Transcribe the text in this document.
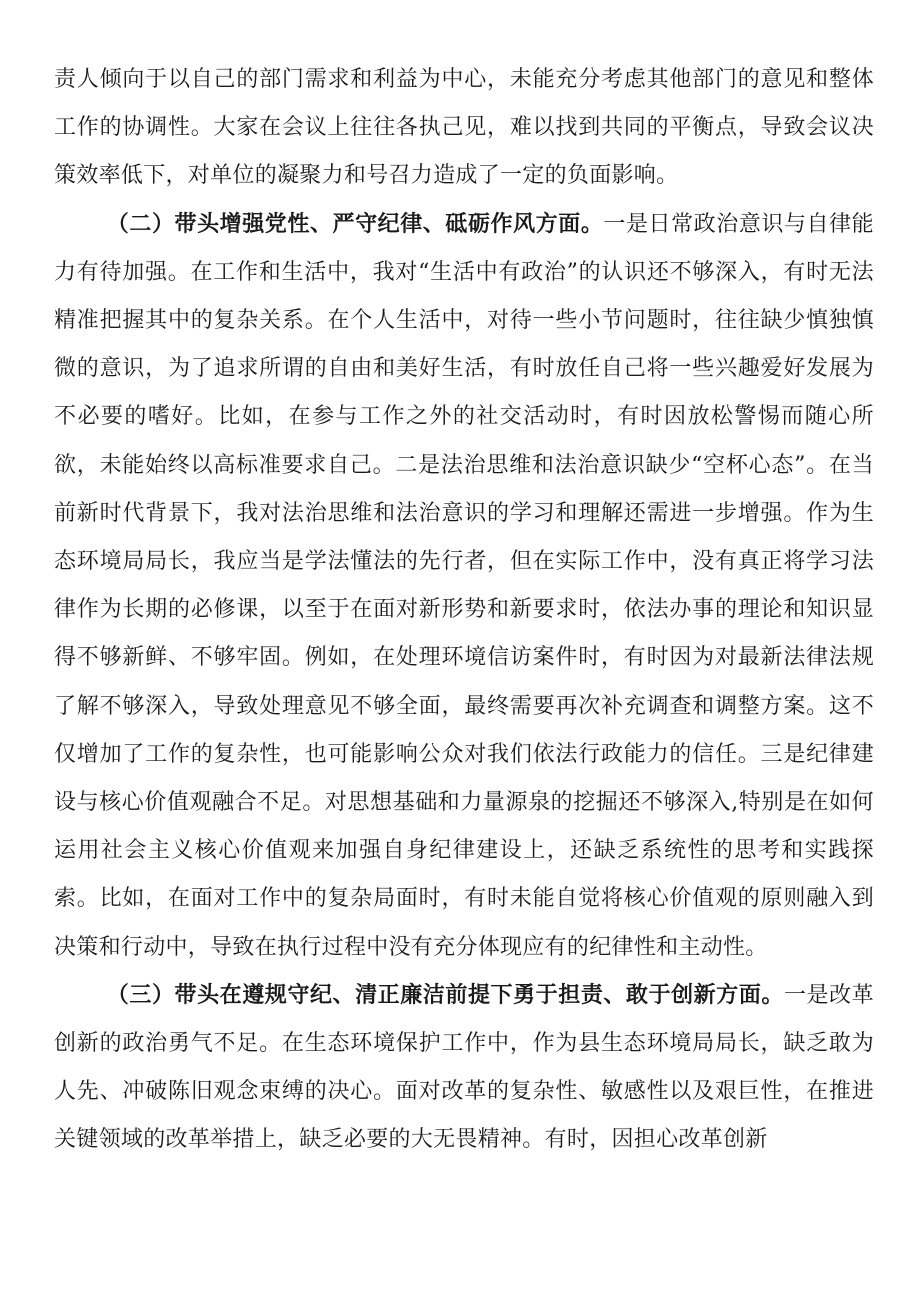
责人倾向于以自己的部门需求和利益为中心，未能充分考虑其他部门的意见和整体工作的协调性。大家在会议上往往各执己见，难以找到共同的平衡点，导致会议决策效率低下，对单位的凝聚力和号召力造成了一定的负面影响。

（二）带头增强党性、严守纪律、砥砺作风方面。一是日常政治意识与自律能力有待加强。在工作和生活中，我对“生活中有政治”的认识还不够深入，有时无法精准把握其中的复杂关系。在个人生活中，对待一些小节问题时，往往缺少慎独慎微的意识，为了追求所谓的自由和美好生活，有时放任自己将一些兴趣爱好发展为不必要的嗜好。比如，在参与工作之外的社交活动时，有时因放松警惕而随心所欲，未能始终以高标准要求自己。二是法治思维和法治意识缺少“空杯心态”。在当前新时代背景下，我对法治思维和法治意识的学习和理解还需进一步增强。作为生态环境局局长，我应当是学法懂法的先行者，但在实际工作中，没有真正将学习法律作为长期的必修课，以至于在面对新形势和新要求时，依法办事的理论和知识显得不够新鲜、不够牢固。例如，在处理环境信访案件时，有时因为对最新法律法规了解不够深入，导致处理意见不够全面，最终需要再次补充调查和调整方案。这不仅增加了工作的复杂性，也可能影响公众对我们依法行政能力的信任。三是纪律建设与核心价值观融合不足。对思想基础和力量源泉的挖掘还不够深入,特别是在如何运用社会主义核心价值观来加强自身纪律建设上，还缺乏系统性的思考和实践探索。比如，在面对工作中的复杂局面时，有时未能自觉将核心价值观的原则融入到决策和行动中，导致在执行过程中没有充分体现应有的纪律性和主动性。

（三）带头在遵规守纪、清正廉洁前提下勇于担责、敢于创新方面。一是改革创新的政治勇气不足。在生态环境保护工作中，作为县生态环境局局长，缺乏敢为人先、冲破陈旧观念束缚的决心。面对改革的复杂性、敏感性以及艰巨性，在推进关键领域的改革举措上，缺乏必要的大无畏精神。有时，因担心改革创新
